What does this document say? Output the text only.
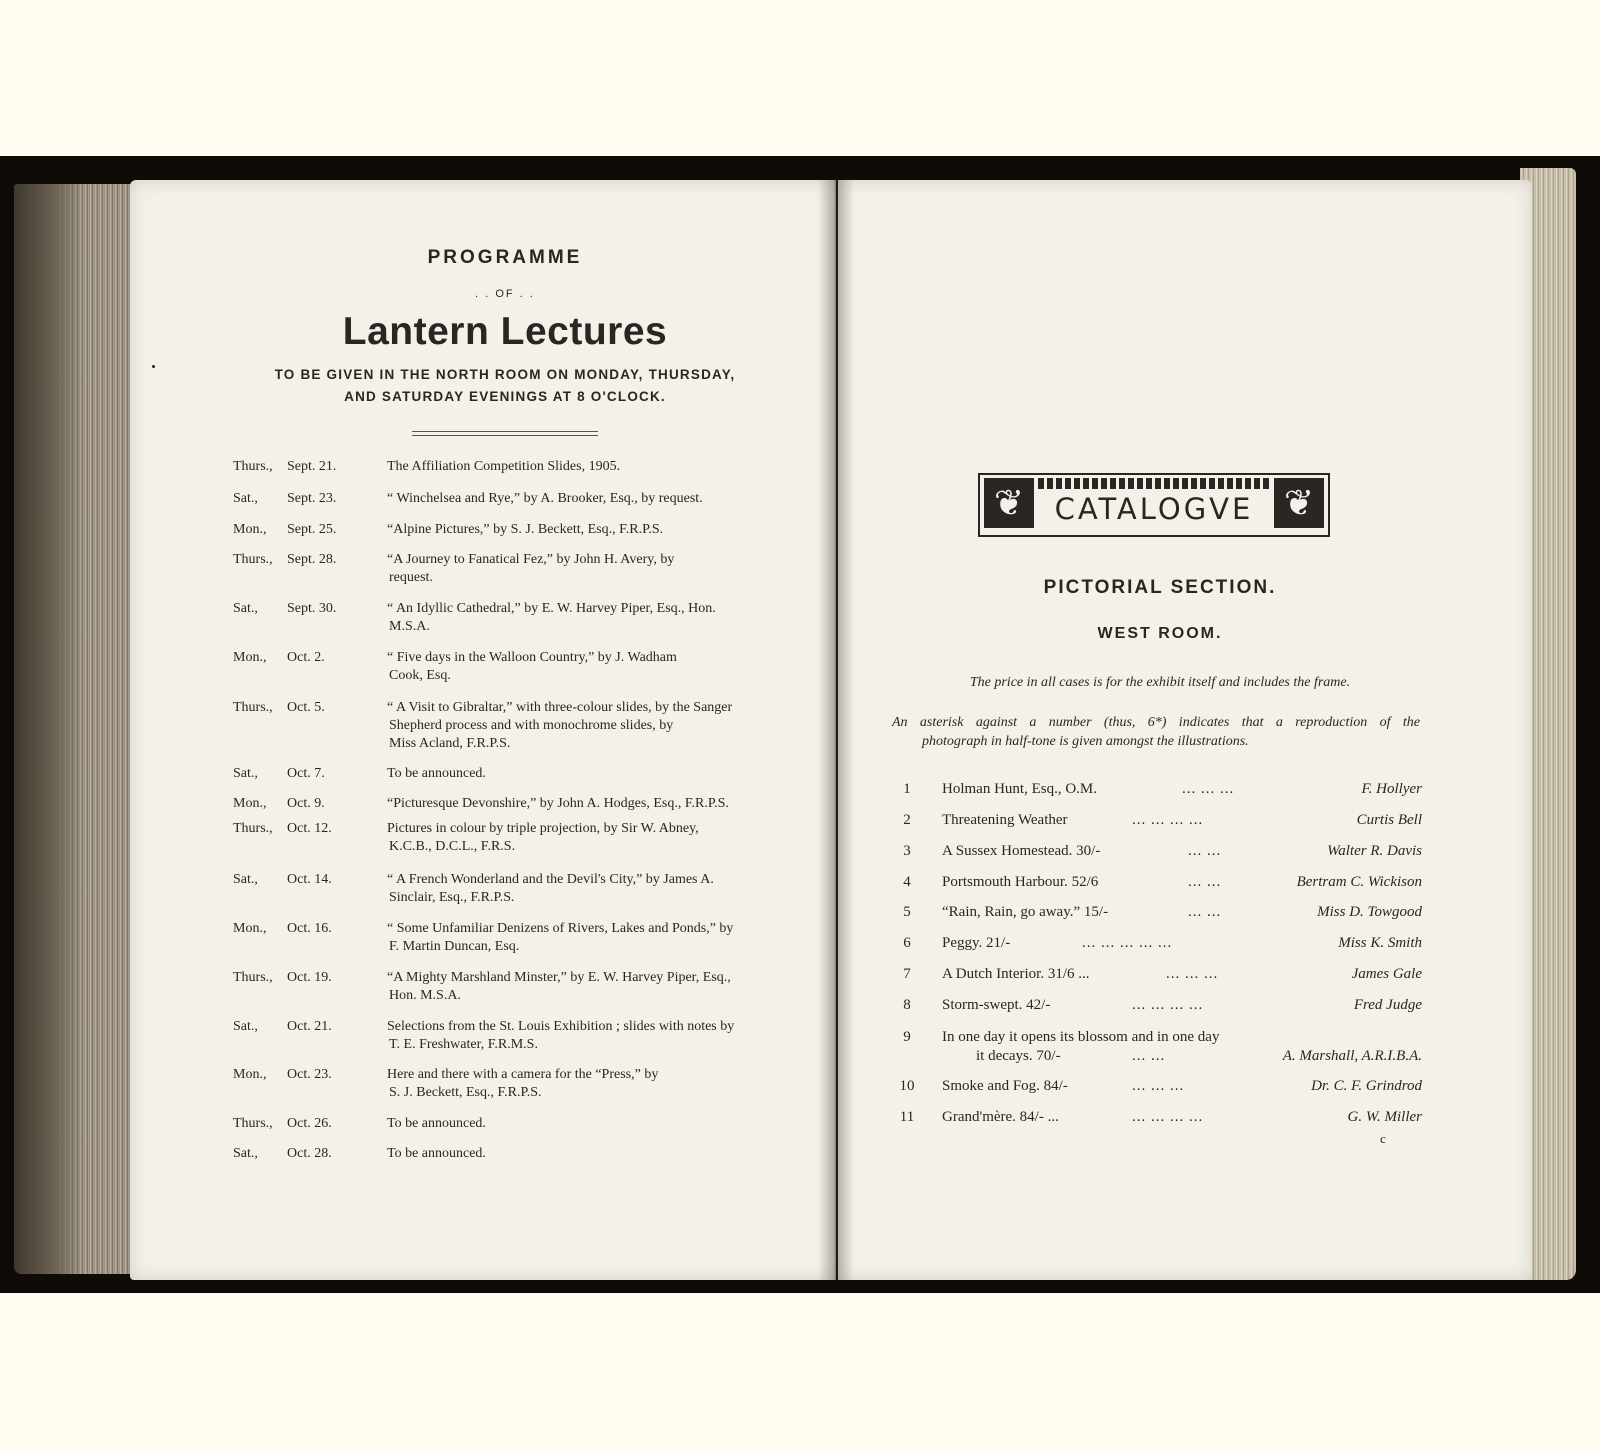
PROGRAMME
. . OF . .
Lantern Lectures
TO BE GIVEN IN THE NORTH ROOM ON MONDAY, THURSDAY,
AND SATURDAY EVENINGS AT 8 O'CLOCK.
Thurs., Sept. 21.	The Affiliation Competition Slides, 1905.
Sat., Sept. 23.	“ Winchelsea and Rye,” by A. Brooker, Esq., by request.
Mon., Sept. 25.	“Alpine Pictures,” by S. J. Beckett, Esq., F.R.P.S.
Thurs., Sept. 28.	“A Journey to Fanatical Fez,” by John H. Avery, by
request.
Sat., Sept. 30.	“ An Idyllic Cathedral,” by E. W. Harvey Piper, Esq., Hon.
M.S.A.
Mon., Oct. 2.	“ Five days in the Walloon Country,” by J. Wadham
Cook, Esq.
Thurs., Oct. 5.	“ A Visit to Gibraltar,” with three-colour slides, by the Sanger
Shepherd process and with monochrome slides, by
Miss Acland, F.R.P.S.
Sat., Oct. 7.	To be announced.
Mon., Oct. 9.	“Picturesque Devonshire,” by John A. Hodges, Esq., F.R.P.S.
Thurs., Oct. 12.	Pictures in colour by triple projection, by Sir W. Abney,
K.C.B., D.C.L., F.R.S.
Sat., Oct. 14.	“ A French Wonderland and the Devil's City,” by James A.
Sinclair, Esq., F.R.P.S.
Mon., Oct. 16.	“ Some Unfamiliar Denizens of Rivers, Lakes and Ponds,” by
F. Martin Duncan, Esq.
Thurs., Oct. 19.	“A Mighty Marshland Minster,” by E. W. Harvey Piper, Esq.,
Hon. M.S.A.
Sat., Oct. 21.	Selections from the St. Louis Exhibition ; slides with notes by
T. E. Freshwater, F.R.M.S.
Mon., Oct. 23.	Here and there with a camera for the “Press,” by
S. J. Beckett, Esq., F.R.P.S.
Thurs., Oct. 26.	To be announced.
Sat., Oct. 28.	To be announced.
❦	CATALOGVE ❦
PICTORIAL SECTION.
WEST ROOM.
The price in all cases is for the exhibit itself and includes the frame.
An asterisk against a number (thus, 6*) indicates that a reproduction of the
photograph in half-tone is given amongst the illustrations.
1	Holman Hunt, Esq., O.M.	... ... ...	F. Hollyer
2	Threatening Weather	... ... ... ...	Curtis Bell
3	A Sussex Homestead. 30/-	... ...	Walter R. Davis
4	Portsmouth Harbour. 52/6	... ...	Bertram C. Wickison
5	“Rain, Rain, go away.” 15/-	... ...	Miss D. Towgood
6	Peggy. 21/-	... ... ... ... ...	Miss K. Smith
7	A Dutch Interior. 31/6 ...	... ... ...	James Gale
8	Storm-swept. 42/-	... ... ... ...	Fred Judge
9	In one day it opens its blossom and in one day
it decays. 70/-	... ...	A. Marshall, A.R.I.B.A.
10 Smoke and Fog. 84/-	... ... ...	Dr. C. F. Grindrod
11 Grand'mère. 84/- ...	... ... ... ...	G. W. Miller
c
